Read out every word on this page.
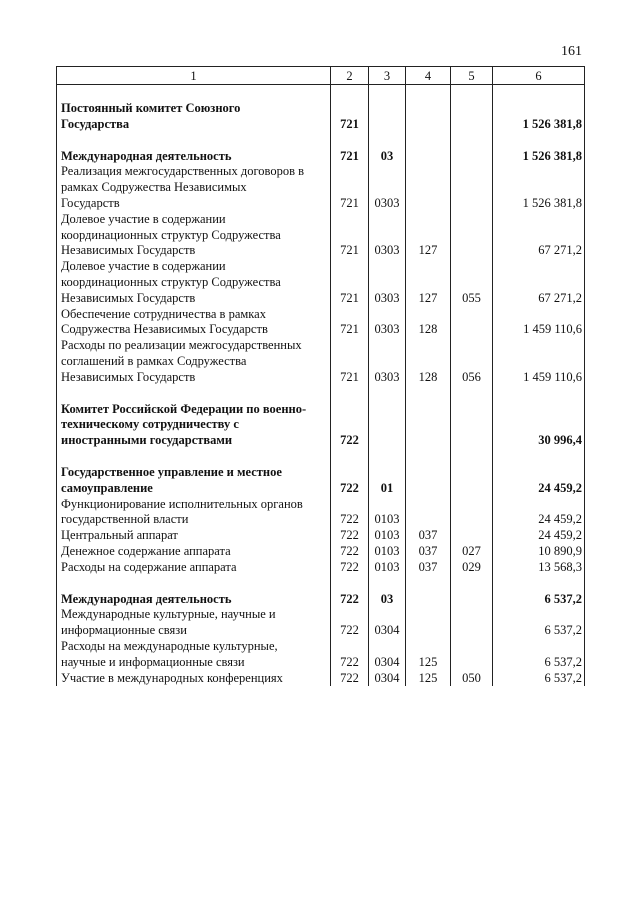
161
1	2	3	4	5	6

Постоянный комитет Союзного					
Государства	721				1 526 381,8

Международная деятельность	721	03			1 526 381,8
Реализация межгосударственных договоров в					
рамках Содружества Независимых					
Государств	721	0303			1 526 381,8
Долевое участие в содержании					
координационных структур Содружества					
Независимых Государств	721	0303	127		67 271,2
Долевое участие в содержании					
координационных структур Содружества					
Независимых Государств	721	0303	127	055	67 271,2
Обеспечение сотрудничества в рамках					
Содружества Независимых Государств	721	0303	128		1 459 110,6
Расходы по реализации межгосударственных					
соглашений в рамках Содружества					
Независимых Государств	721	0303	128	056	1 459 110,6

Комитет Российской Федерации по военно-					
техническому сотрудничеству с					
иностранными государствами	722				30 996,4

Государственное управление и местное					
самоуправление	722	01			24 459,2
Функционирование исполнительных органов					
государственной власти	722	0103			24 459,2
Центральный аппарат	722	0103	037		24 459,2
Денежное содержание аппарата	722	0103	037	027	10 890,9
Расходы на содержание аппарата	722	0103	037	029	13 568,3

Международная деятельность	722	03			6 537,2
Международные культурные, научные и					
информационные связи	722	0304			6 537,2
Расходы на международные культурные,					
научные и информационные связи	722	0304	125		6 537,2
Участие в международных конференциях	722	0304	125	050	6 537,2
